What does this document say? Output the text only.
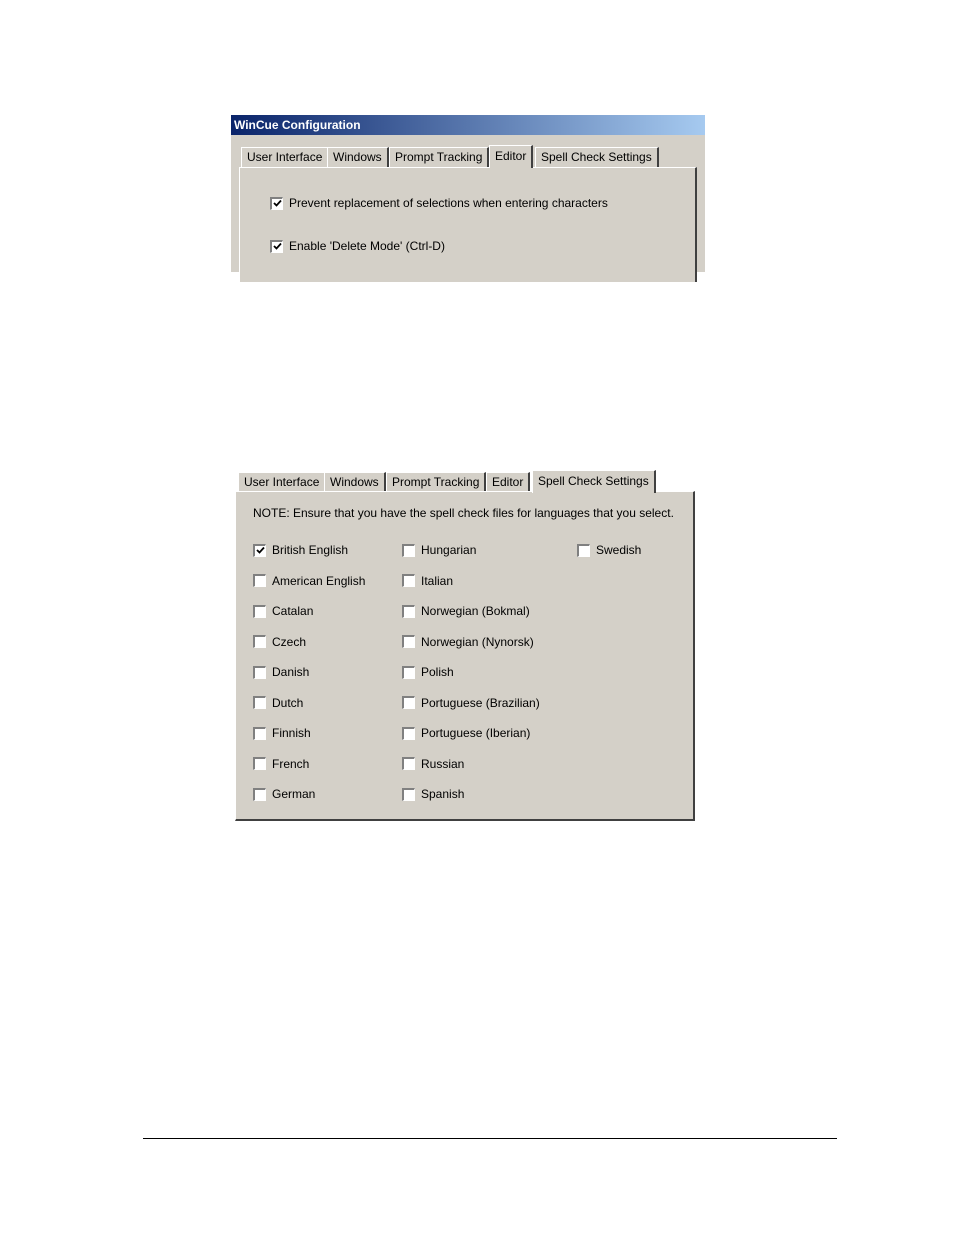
WinCue Configuration
User Interface Windows	Prompt Tracking	Editor	Spell Check Settings
Prevent replacement of selections when entering characters
Enable 'Delete Mode' (Ctrl-D)
User Interface Windows	Prompt Tracking	Editor	Spell Check Settings
NOTE: Ensure that you have the spell check files for languages that you select.
British English
American English
Catalan
Czech
Danish
Dutch
Finnish
French
German
Hungarian
Italian
Norwegian (Bokmal)
Norwegian (Nynorsk)
Polish
Portuguese (Brazilian)
Portuguese (Iberian)
Russian
Spanish
Swedish
